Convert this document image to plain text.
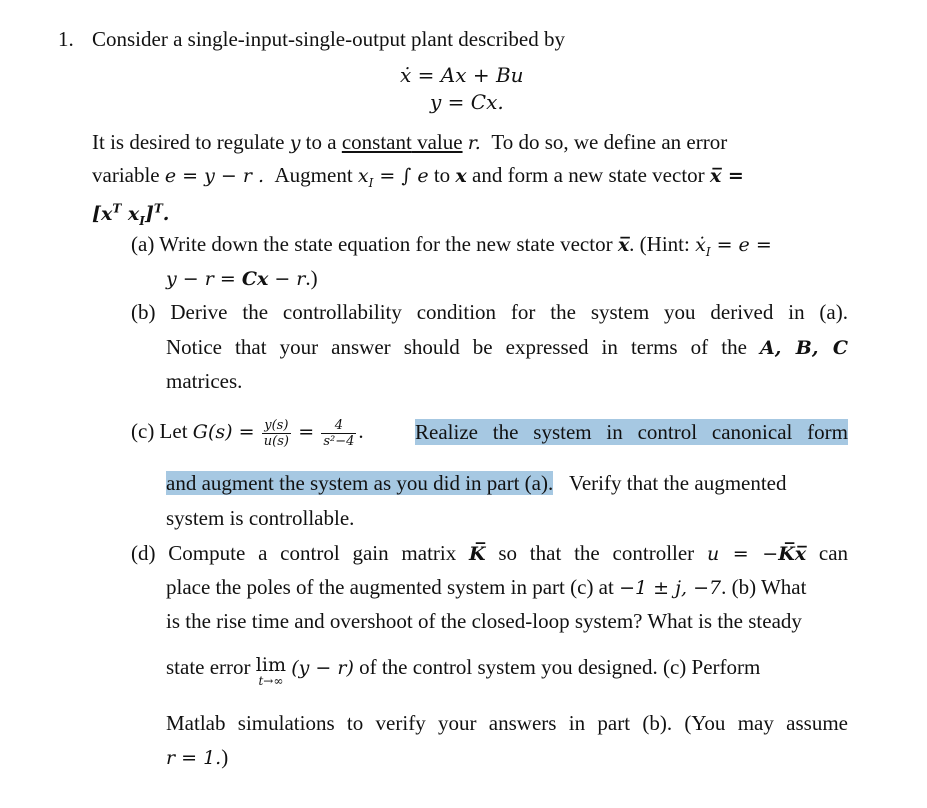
1. Consider a single-input-single-output plant described by
ẋ = Ax + Bu
y = Cx.
It is desired to regulate y to a constant value r. To do so, we define an error
variable e = y − r . Augment $x_I$ = ∫ e to x and form a new state vector x̅ =
[$x^T$ $x_I]^T$.
(a) Write down the state equation for the new state vector x̅. (Hint: ẋ$_I$ = e =
y − r = Cx − r.)
(b) Derive the controllability condition for the system you derived in (a).
Notice that your answer should be expressed in terms of the A, B, C
matrices.
(c) Let $G(s) = \frac{y(s)}{u(s)} = \frac{4}{\text{s²−4}}$ . Realize the system in control canonical form
and augment the system as you did in part (a). Verify that the augmented
system is controllable.
(d) Compute a control gain matrix K̅ so that the controller u = −K̅x̅ can
place the poles of the augmented system in part (c) at −1 ± j, −7. (b) What
is the rise time and overshoot of the closed-loop system? What is the steady
state error lim
t→∞
(y − r) of the control system you designed. (c) Perform
Matlab simulations to verify your answers in part (b). (You may assume
r = 1.)
